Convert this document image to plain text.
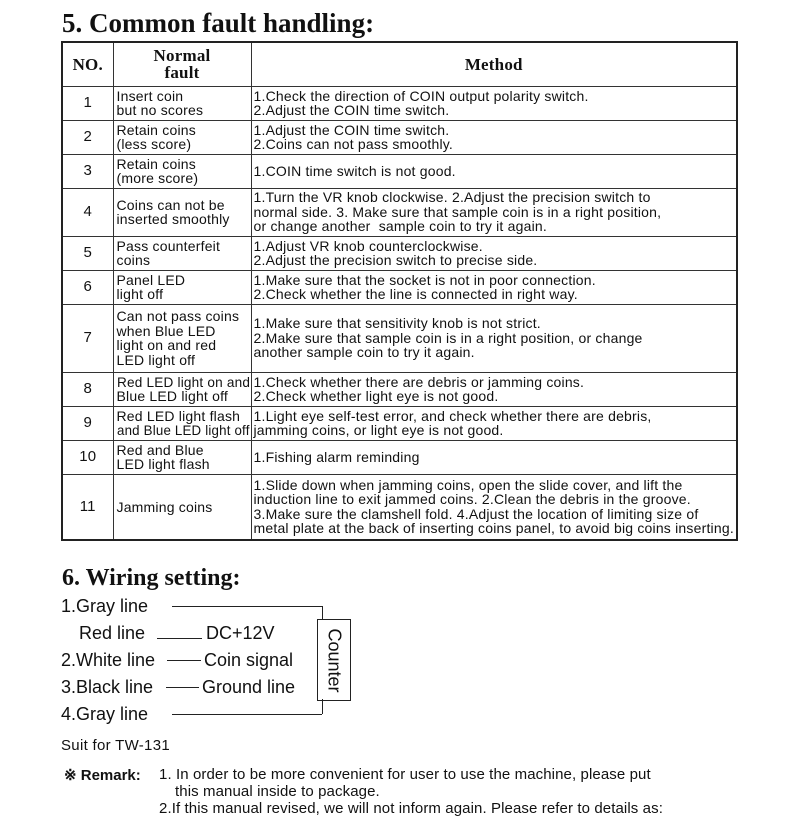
5. Common fault handling:
NO.	Normal
fault	Method
1	Insert coin
but no scores	1.Check the direction of COIN output polarity switch.
2.Adjust the COIN time switch.

2	Retain coins
(less score)	1.Adjust the COIN time switch.
2.Coins can not pass smoothly.

3	Retain coins
(more score)	1.COIN time switch is not good.

4	Coins can not be
inserted smoothly	1.Turn the VR knob clockwise. 2.Adjust the precision switch to
normal side. 3. Make sure that sample coin is in a right position,
or change another  sample coin to try it again.

5	Pass counterfeit
coins	1.Adjust VR knob counterclockwise.
2.Adjust the precision switch to precise side.

6	Panel LED
light off	1.Make sure that the socket is not in poor connection.
2.Check whether the line is connected in right way.

7	Can not pass coins
when Blue LED
light on and red
LED light off	1.Make sure that sensitivity knob is not strict.
2.Make sure that sample coin is in a right position, or change
another sample coin to try it again.

8	Red LED light on and
Blue LED light off	1.Check whether there are debris or jamming coins.
2.Check whether light eye is not good.

9	Red LED light flash
and Blue LED light off	1.Light eye self-test error, and check whether there are debris,
jamming coins, or light eye is not good.

10	Red and Blue
LED light flash	1.Fishing alarm reminding

11	Jamming coins	1.Slide down when jamming coins, open the slide cover, and lift the
induction line to exit jammed coins. 2.Clean the debris in the groove.
3.Make sure the clamshell fold. 4.Adjust the location of limiting size of
metal plate at the back of inserting coins panel, to avoid big coins inserting.
6. Wiring setting:
1.Gray line
Red line	DC+12V
2.White line	Coin signal
3.Black line	Ground line
4.Gray line
Counter
Suit for TW-131
※ Remark: 1. In order to be more convenient for user to use the machine, please put
this manual inside to package.
2.If this manual revised, we will not inform again. Please refer to details as:
